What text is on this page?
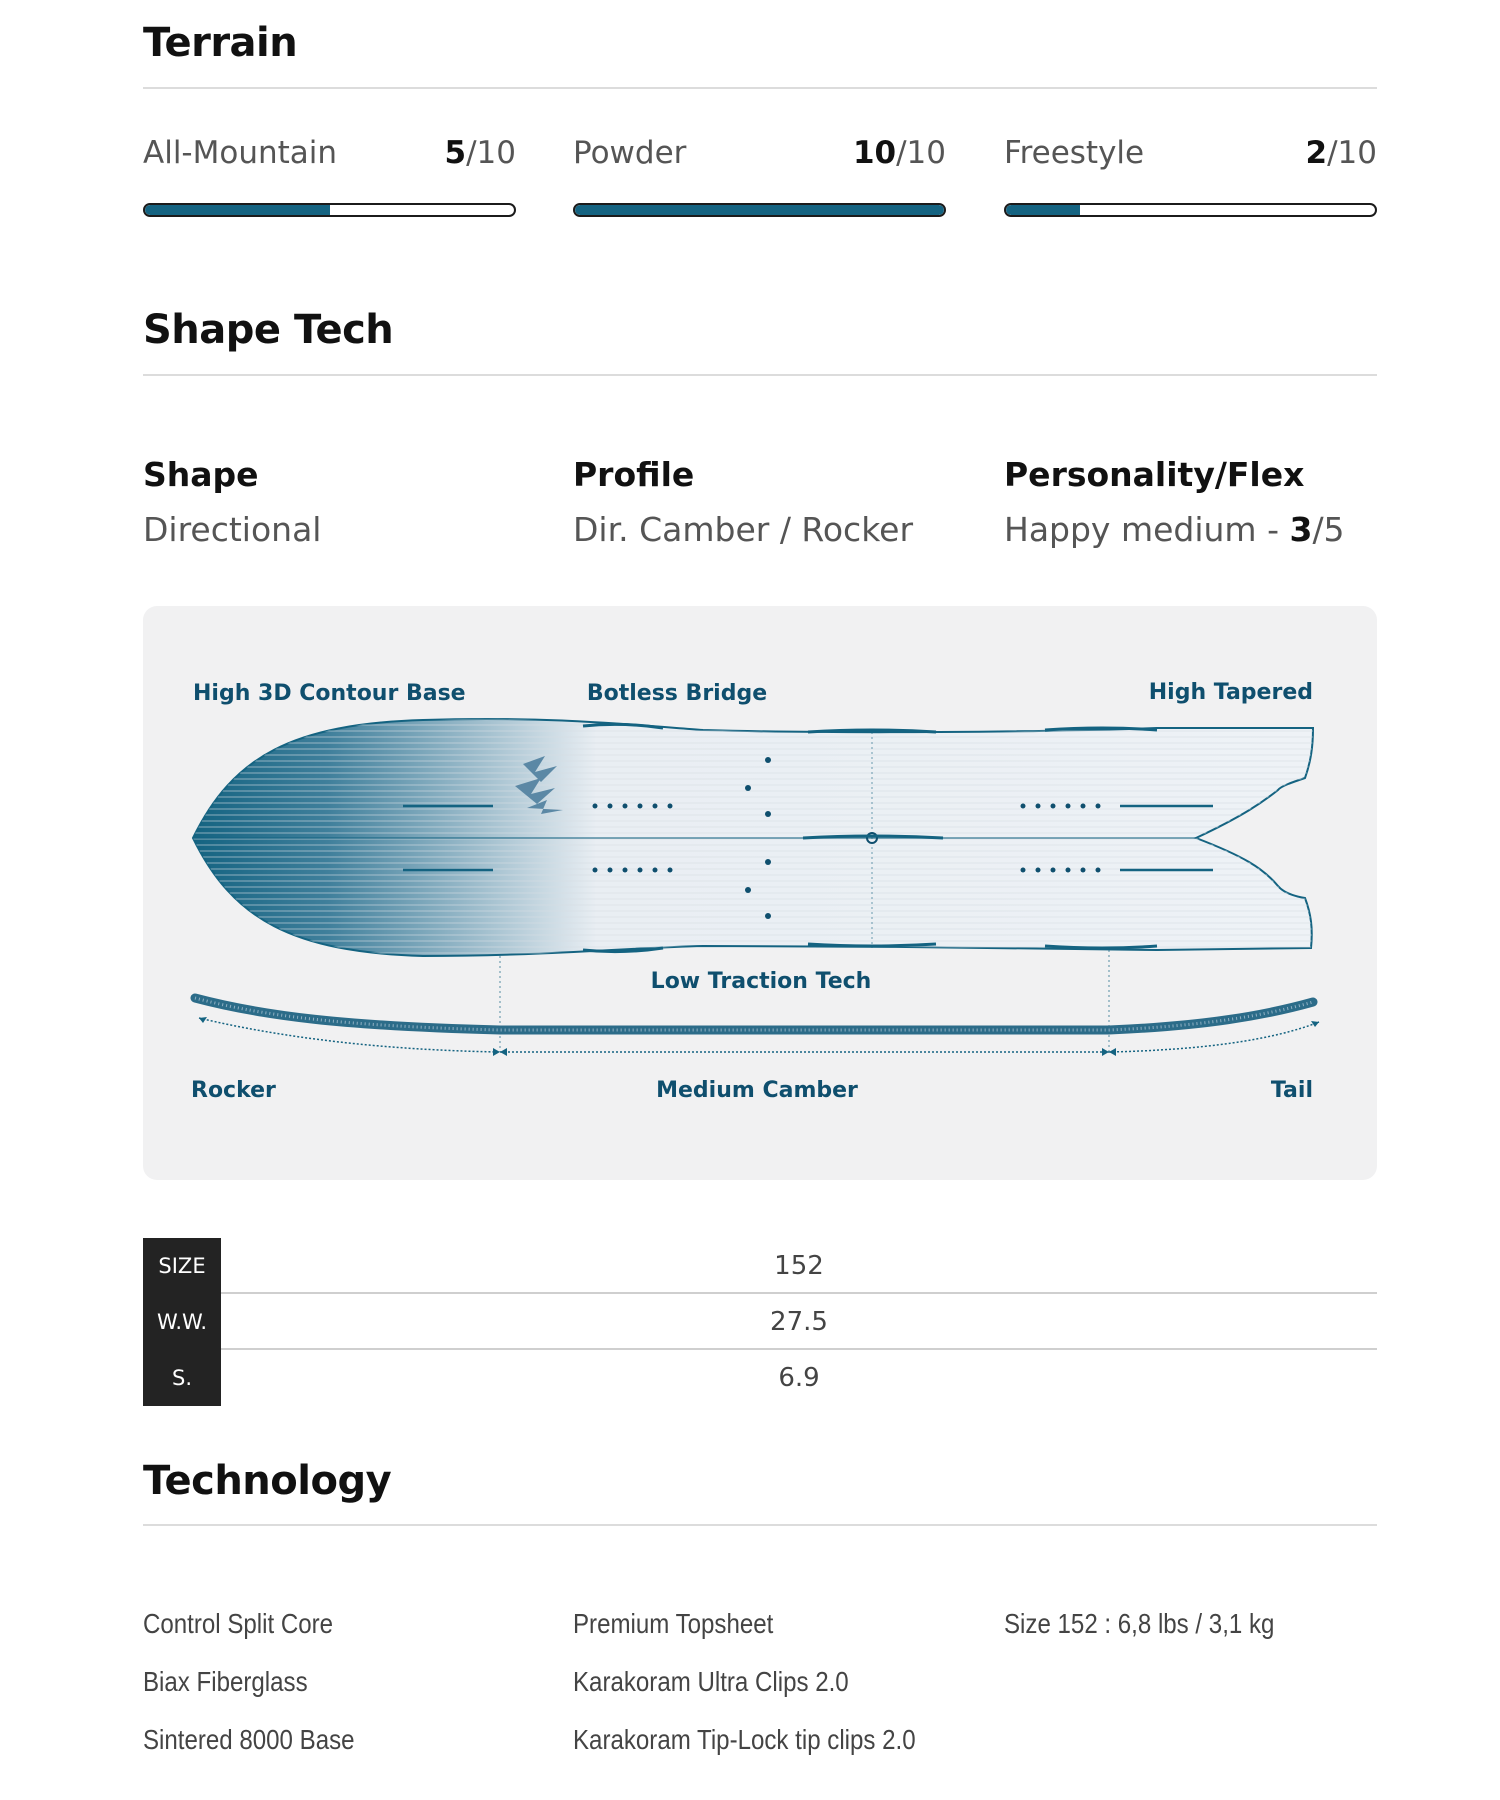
Terrain
All-Mountain	5/10 Powder	10/10 Freestyle	2/10
Shape Tech
Shape
Directional
Profile
Dir. Camber / Rocker
Personality/Flex
Happy medium - 3/5
High 3D Contour Base	Botless Bridge	High Tapered
Low Traction Tech
Rocker	Medium Camber	Tail
SIZE	152
W.W.	27.5
S.	6.9
Technology
Control Split Core
Biax Fiberglass
Sintered 8000 Base
Premium Topsheet
Karakoram Ultra Clips 2.0
Karakoram Tip-Lock tip clips 2.0
Size 152 : 6,8 lbs / 3,1 kg
